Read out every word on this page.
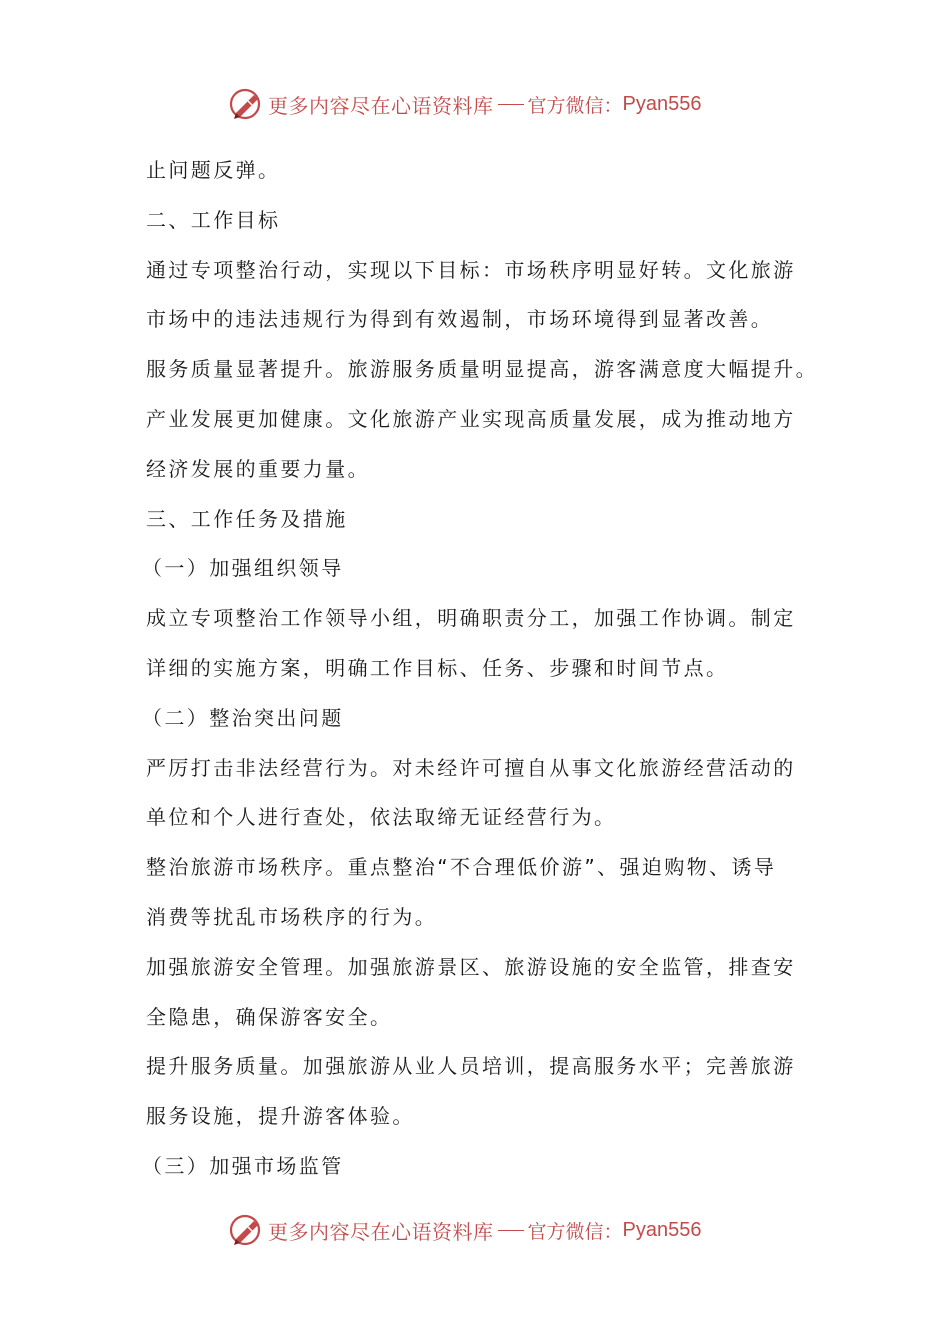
更多内容尽在心语资料库 官方微信： Pyan556
止问题反弹。
二、工作目标
通过专项整治行动，实现以下目标：市场秩序明显好转。文化旅游
市场中的违法违规行为得到有效遏制，市场环境得到显著改善。
服务质量显著提升。旅游服务质量明显提高，游客满意度大幅提升。
产业发展更加健康。文化旅游产业实现高质量发展，成为推动地方
经济发展的重要力量。
三、工作任务及措施
（一）加强组织领导
成立专项整治工作领导小组，明确职责分工，加强工作协调。制定
详细的实施方案，明确工作目标、任务、步骤和时间节点。
（二）整治突出问题
严厉打击非法经营行为。对未经许可擅自从事文化旅游经营活动的
单位和个人进行查处，依法取缔无证经营行为。
整治旅游市场秩序。重点整治“不合理低价游”、强迫购物、诱导
消费等扰乱市场秩序的行为。
加强旅游安全管理。加强旅游景区、旅游设施的安全监管，排查安
全隐患，确保游客安全。
提升服务质量。加强旅游从业人员培训，提高服务水平；完善旅游
服务设施，提升游客体验。
（三）加强市场监管
更多内容尽在心语资料库 官方微信： Pyan556
